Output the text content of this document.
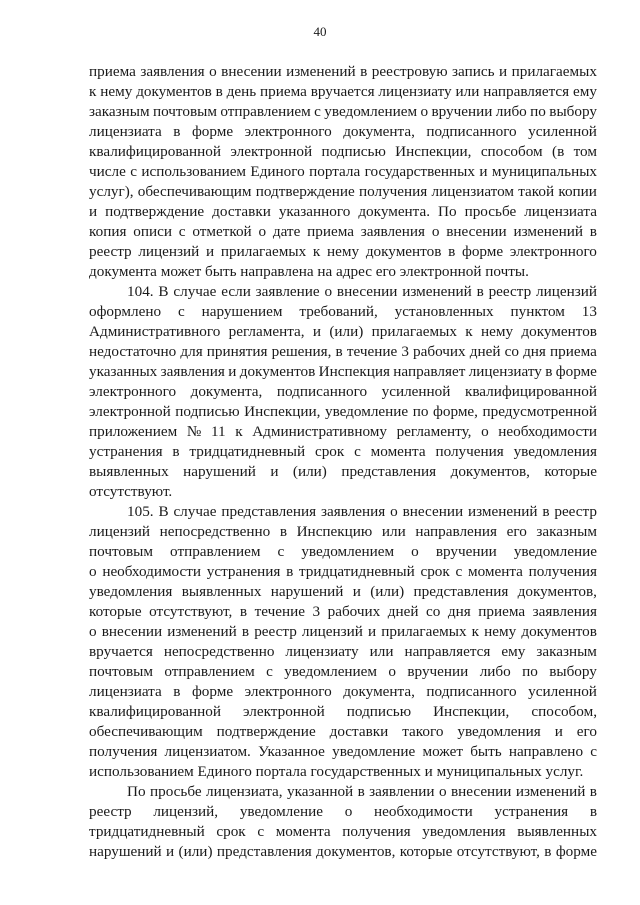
40
приема заявления о внесении изменений в реестровую запись и прилагаемых
к нему документов в день приема вручается лицензиату или направляется ему
заказным почтовым отправлением с уведомлением о вручении либо по выбору
лицензиата в форме электронного документа, подписанного усиленной
квалифицированной электронной подписью Инспекции, способом (в том
числе с использованием Единого портала государственных и муниципальных
услуг), обеспечивающим подтверждение получения лицензиатом такой копии
и подтверждение доставки указанного документа. По просьбе лицензиата
копия описи с отметкой о дате приема заявления о внесении изменений в
реестр лицензий и прилагаемых к нему документов в форме электронного
документа может быть направлена на адрес его электронной почты.
104. В случае если заявление о внесении изменений в реестр лицензий
оформлено с нарушением требований, установленных пунктом 13
Административного регламента, и (или) прилагаемых к нему документов
недостаточно для принятия решения, в течение 3 рабочих дней со дня приема
указанных заявления и документов Инспекция направляет лицензиату в форме
электронного документа, подписанного усиленной квалифицированной
электронной подписью Инспекции, уведомление по форме, предусмотренной
приложением № 11 к Административному регламенту, о необходимости
устранения в тридцатидневный срок с момента получения уведомления
выявленных нарушений и (или) представления документов, которые
отсутствуют.
105. В случае представления заявления о внесении изменений в реестр
лицензий непосредственно в Инспекцию или направления его заказным
почтовым отправлением с уведомлением о вручении уведомление
о необходимости устранения в тридцатидневный срок с момента получения
уведомления выявленных нарушений и (или) представления документов,
которые отсутствуют, в течение 3 рабочих дней со дня приема заявления
о внесении изменений в реестр лицензий и прилагаемых к нему документов
вручается непосредственно лицензиату или направляется ему заказным
почтовым отправлением с уведомлением о вручении либо по выбору
лицензиата в форме электронного документа, подписанного усиленной
квалифицированной электронной подписью Инспекции, способом,
обеспечивающим подтверждение доставки такого уведомления и его
получения лицензиатом. Указанное уведомление может быть направлено с
использованием Единого портала государственных и муниципальных услуг.
По просьбе лицензиата, указанной в заявлении о внесении изменений в
реестр лицензий, уведомление о необходимости устранения в
тридцатидневный срок с момента получения уведомления выявленных
нарушений и (или) представления документов, которые отсутствуют, в форме
